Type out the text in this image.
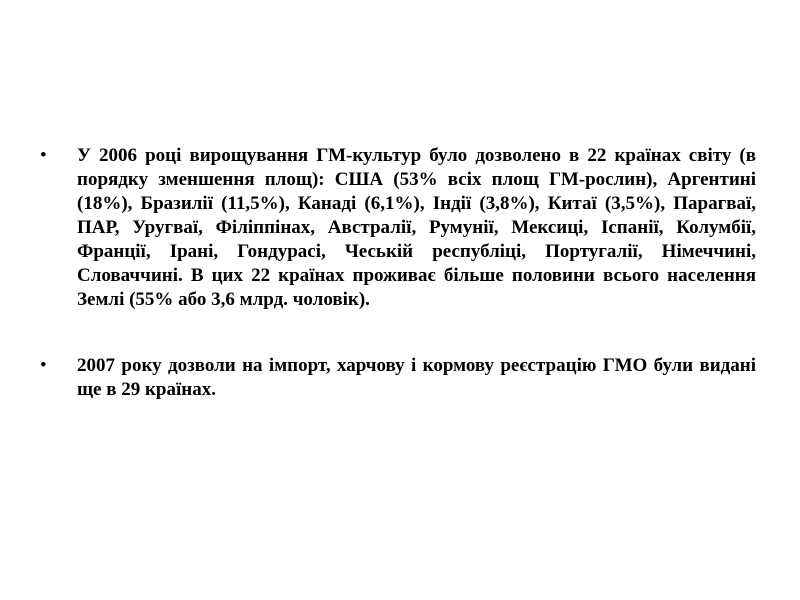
• У 2006 році вирощування ГМ-культур було дозволено в 22 країнах світу (в порядку зменшення площ): США (53% всіх площ ГМ-рослин), Аргентині (18%), Бразилії (11,5%), Канаді (6,1%), Індії (3,8%), Китаї (3,5%), Парагваї, ПАР, Уругваї, Філіппінах, Австралії, Румунії, Мексиці, Іспанії, Колумбії, Франції, Ірані, Гондурасі, Чеській республіці, Португалії, Німеччині, Словаччині. В цих 22 країнах проживає більше половини всього населення Землі (55% або 3,6 млрд. чоловік).
• 2007 року дозволи на імпорт, харчову і кормову реєстрацію ГМО були видані ще в 29 країнах.
